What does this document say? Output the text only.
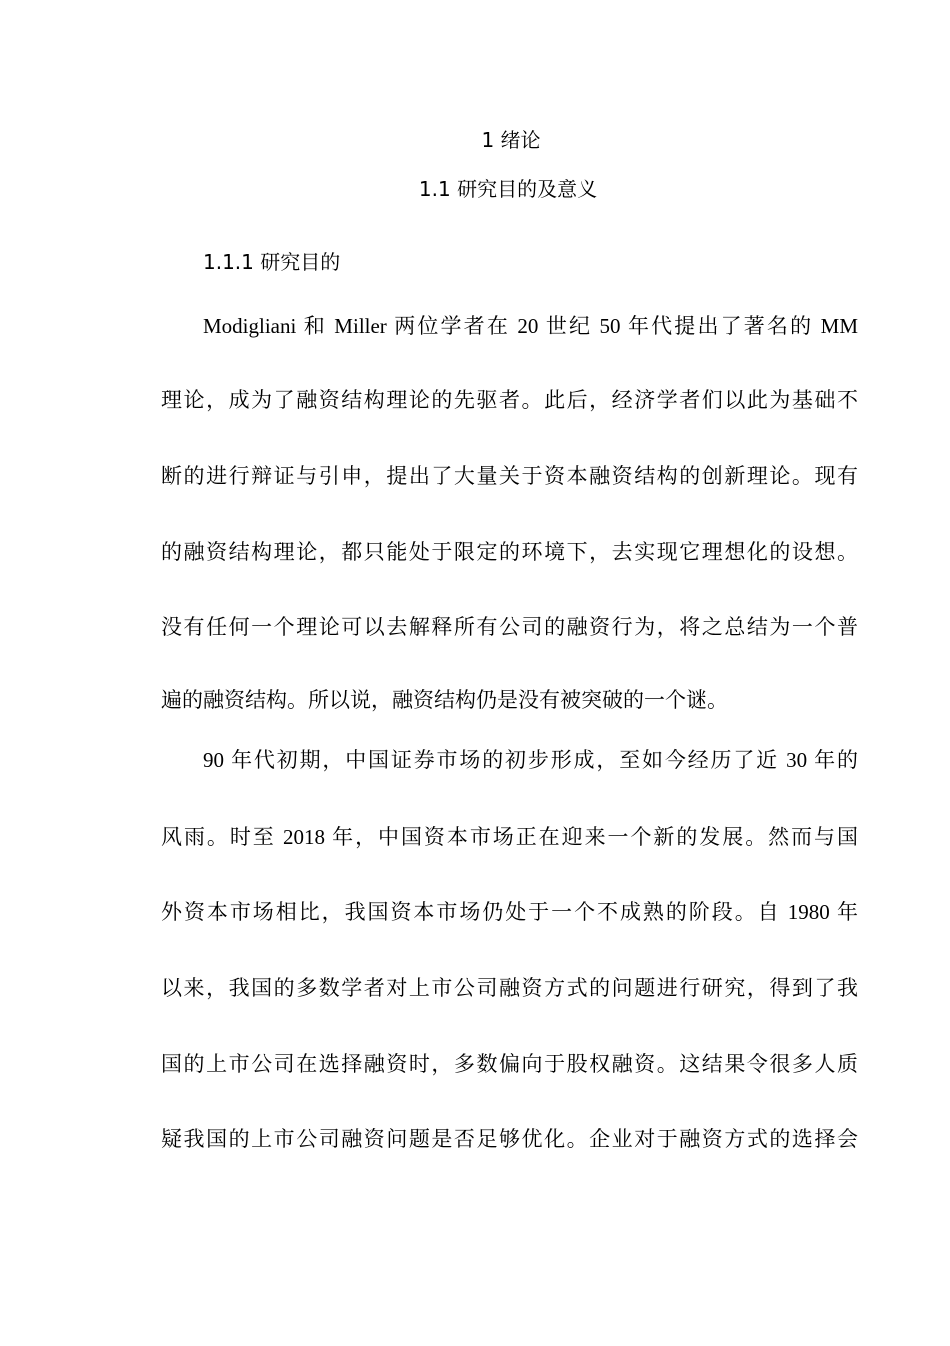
1 绪论
1.1 研究目的及意义
1.1.1 研究目的

Modigliani 和 Miller 两位学者在 20 世纪 50 年代提出了著名的 MM

理论，成为了融资结构理论的先驱者。此后，经济学者们以此为基础不

断的进行辩证与引申，提出了大量关于资本融资结构的创新理论。现有

的融资结构理论，都只能处于限定的环境下，去实现它理想化的设想。

没有任何一个理论可以去解释所有公司的融资行为，将之总结为一个普

遍的融资结构。所以说，融资结构仍是没有被突破的一个谜。

90 年代初期，中国证券市场的初步形成，至如今经历了近 30 年的

风雨。时至 2018 年，中国资本市场正在迎来一个新的发展。然而与国

外资本市场相比，我国资本市场仍处于一个不成熟的阶段。自 1980 年

以来，我国的多数学者对上市公司融资方式的问题进行研究，得到了我

国的上市公司在选择融资时，多数偏向于股权融资。这结果令很多人质

疑我国的上市公司融资问题是否足够优化。企业对于融资方式的选择会
